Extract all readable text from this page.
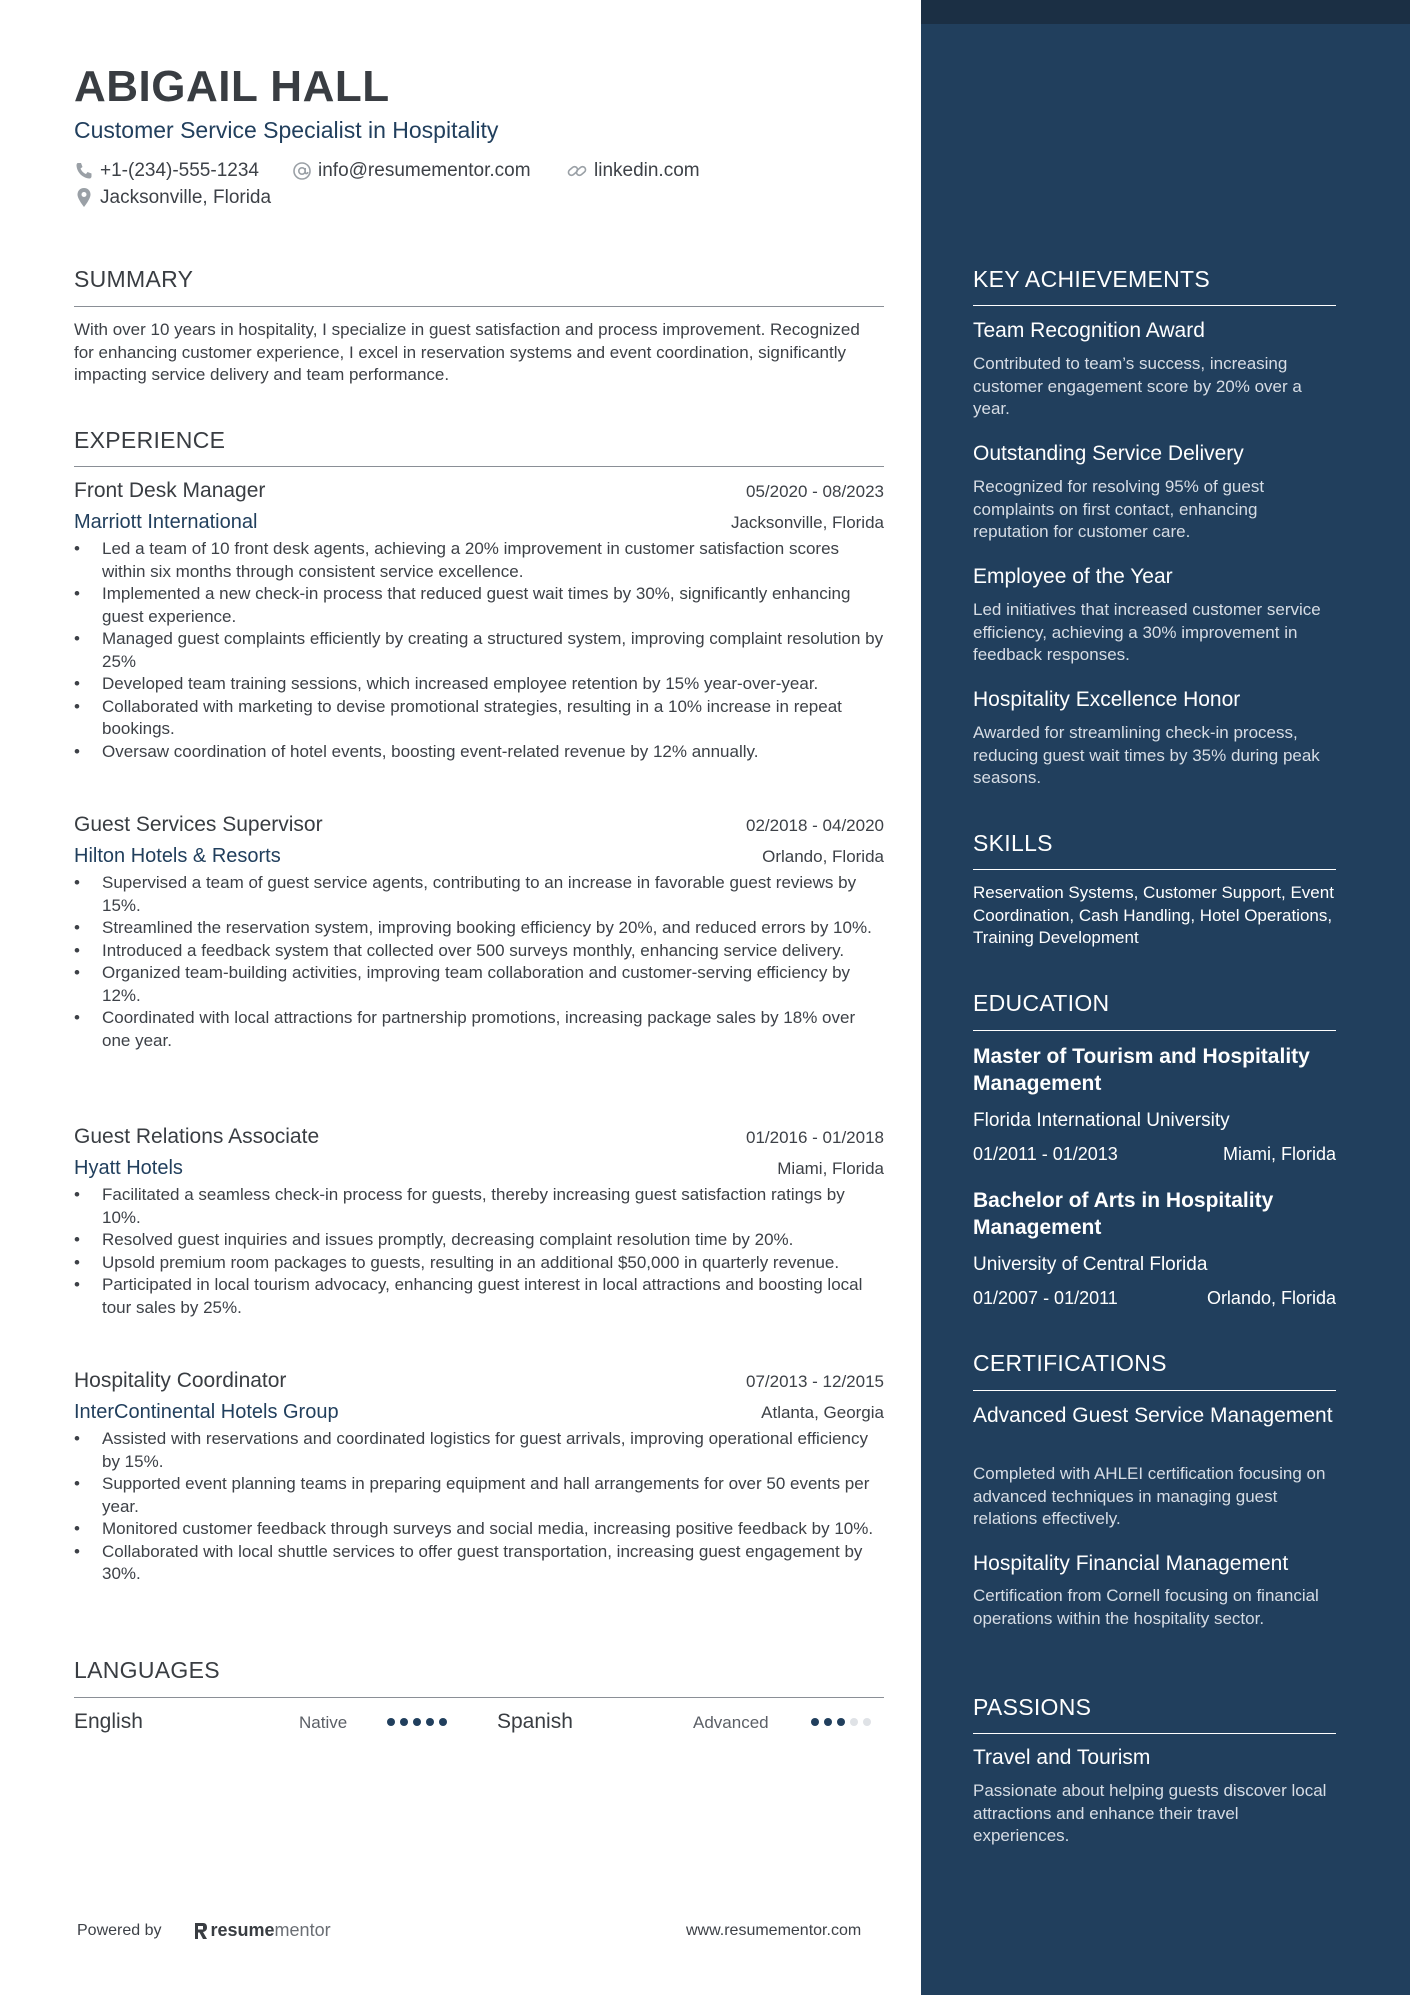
ABIGAIL HALL
Customer Service Specialist in Hospitality
+1-(234)-555-1234	info@resumementor.com	linkedin.com
Jacksonville, Florida
SUMMARY
With over 10 years in hospitality, I specialize in guest satisfaction and process improvement. Recognized for enhancing customer experience, I excel in reservation systems and event coordination, significantly impacting service delivery and team performance.
EXPERIENCE
Front Desk Manager	05/2020 - 08/2023
Marriott International	Jacksonville, Florida
• Led a team of 10 front desk agents, achieving a 20% improvement in customer satisfaction scores within six months through consistent service excellence.
• Implemented a new check-in process that reduced guest wait times by 30%, significantly enhancing guest experience.
• Managed guest complaints efficiently by creating a structured system, improving complaint resolution by 25%
• Developed team training sessions, which increased employee retention by 15% year-over-year.
• Collaborated with marketing to devise promotional strategies, resulting in a 10% increase in repeat bookings.
• Oversaw coordination of hotel events, boosting event-related revenue by 12% annually.
Guest Services Supervisor	02/2018 - 04/2020
Hilton Hotels & Resorts	Orlando, Florida
• Supervised a team of guest service agents, contributing to an increase in favorable guest reviews by 15%.
• Streamlined the reservation system, improving booking efficiency by 20%, and reduced errors by 10%.
• Introduced a feedback system that collected over 500 surveys monthly, enhancing service delivery.
• Organized team-building activities, improving team collaboration and customer-serving efficiency by 12%.
• Coordinated with local attractions for partnership promotions, increasing package sales by 18% over one year.
Guest Relations Associate	01/2016 - 01/2018
Hyatt Hotels	Miami, Florida
• Facilitated a seamless check-in process for guests, thereby increasing guest satisfaction ratings by 10%.
• Resolved guest inquiries and issues promptly, decreasing complaint resolution time by 20%.
• Upsold premium room packages to guests, resulting in an additional $50,000 in quarterly revenue.
• Participated in local tourism advocacy, enhancing guest interest in local attractions and boosting local tour sales by 25%.
Hospitality Coordinator	07/2013 - 12/2015
InterContinental Hotels Group	Atlanta, Georgia
• Assisted with reservations and coordinated logistics for guest arrivals, improving operational efficiency by 15%.
• Supported event planning teams in preparing equipment and hall arrangements for over 50 events per year.
• Monitored customer feedback through surveys and social media, increasing positive feedback by 10%.
• Collaborated with local shuttle services to offer guest transportation, increasing guest engagement by 30%.
LANGUAGES
English	Native	Spanish	Advanced
Powered by	resume mentor	www.resumementor.com
KEY ACHIEVEMENTS
Team Recognition Award
Contributed to team’s success, increasing customer engagement score by 20% over a year.
Outstanding Service Delivery
Recognized for resolving 95% of guest complaints on first contact, enhancing reputation for customer care.
Employee of the Year
Led initiatives that increased customer service efficiency, achieving a 30% improvement in feedback responses.
Hospitality Excellence Honor
Awarded for streamlining check-in process, reducing guest wait times by 35% during peak seasons.
SKILLS
Reservation Systems, Customer Support, Event Coordination, Cash Handling, Hotel Operations, Training Development
EDUCATION
Master of Tourism and Hospitality Management
Florida International University
01/2011 - 01/2013	Miami, Florida
Bachelor of Arts in Hospitality Management
University of Central Florida
01/2007 - 01/2011	Orlando, Florida
CERTIFICATIONS
Advanced Guest Service Management
Completed with AHLEI certification focusing on advanced techniques in managing guest relations effectively.
Hospitality Financial Management
Certification from Cornell focusing on financial operations within the hospitality sector.
PASSIONS
Travel and Tourism
Passionate about helping guests discover local attractions and enhance their travel experiences.
